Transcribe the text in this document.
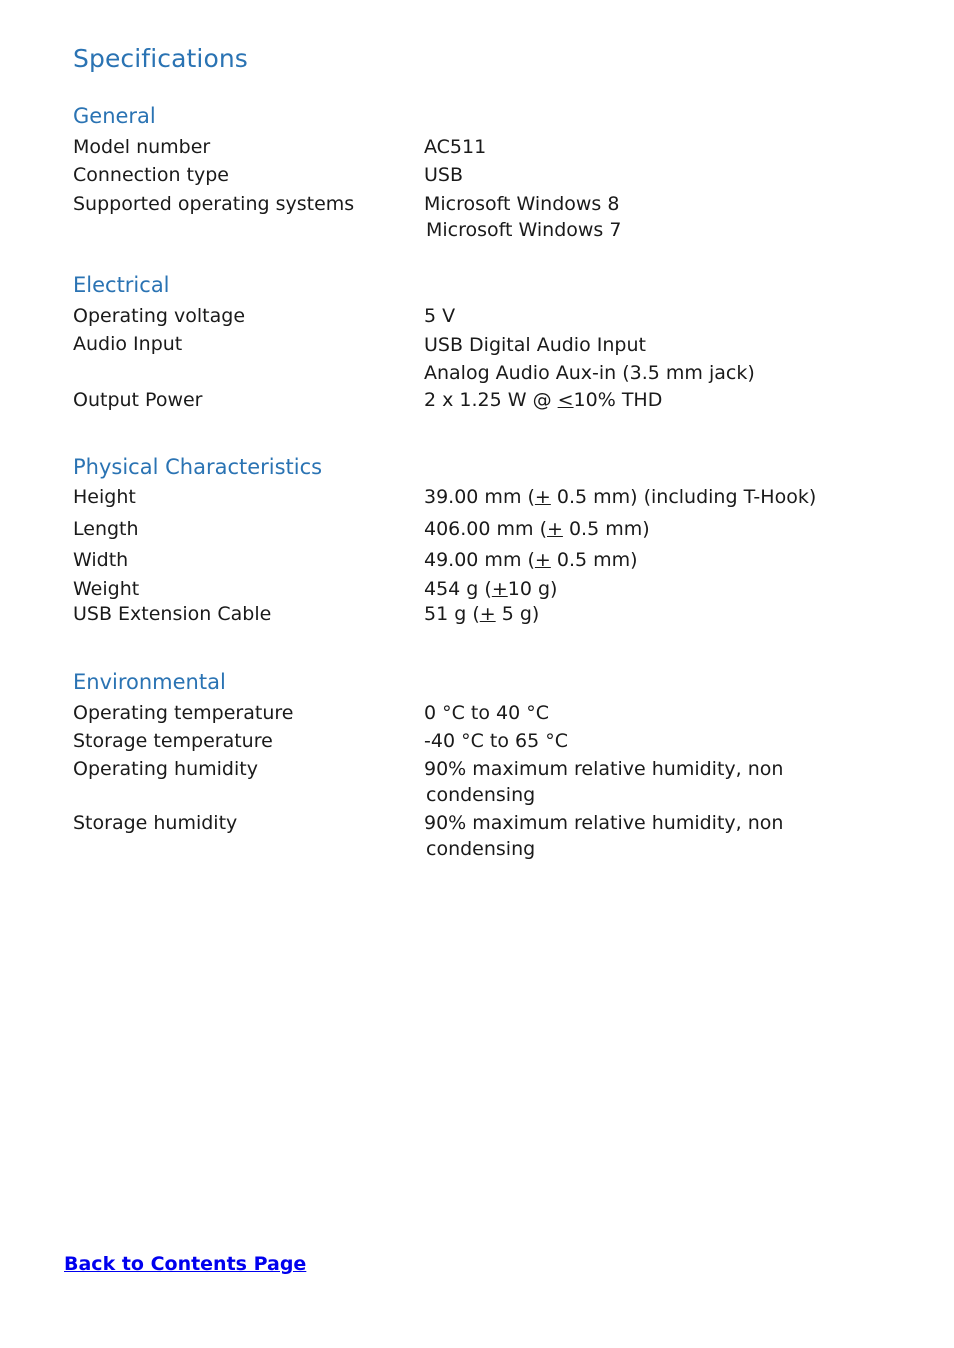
Specifications
General
Model number	AC511
Connection type	USB
Supported operating systems	Microsoft Windows 8
Microsoft Windows 7
Electrical
Operating voltage	5 V
Audio Input	USB Digital Audio Input
Analog Audio Aux-in (3.5 mm jack)
Output Power	2 x 1.25 W @ ≤10% THD
Physical Characteristics
Height	39.00 mm (+ 0.5 mm) (including T-Hook)
Length	406.00 mm (+ 0.5 mm)
Width	49.00 mm (+ 0.5 mm)
Weight	454 g (+10 g)
USB Extension Cable	51 g (+ 5 g)
Environmental
Operating temperature	0 °C to 40 °C
Storage temperature	-40 °C to 65 °C
Operating humidity	90% maximum relative humidity, non
condensing
Storage humidity	90% maximum relative humidity, non
condensing
Back to Contents Page
